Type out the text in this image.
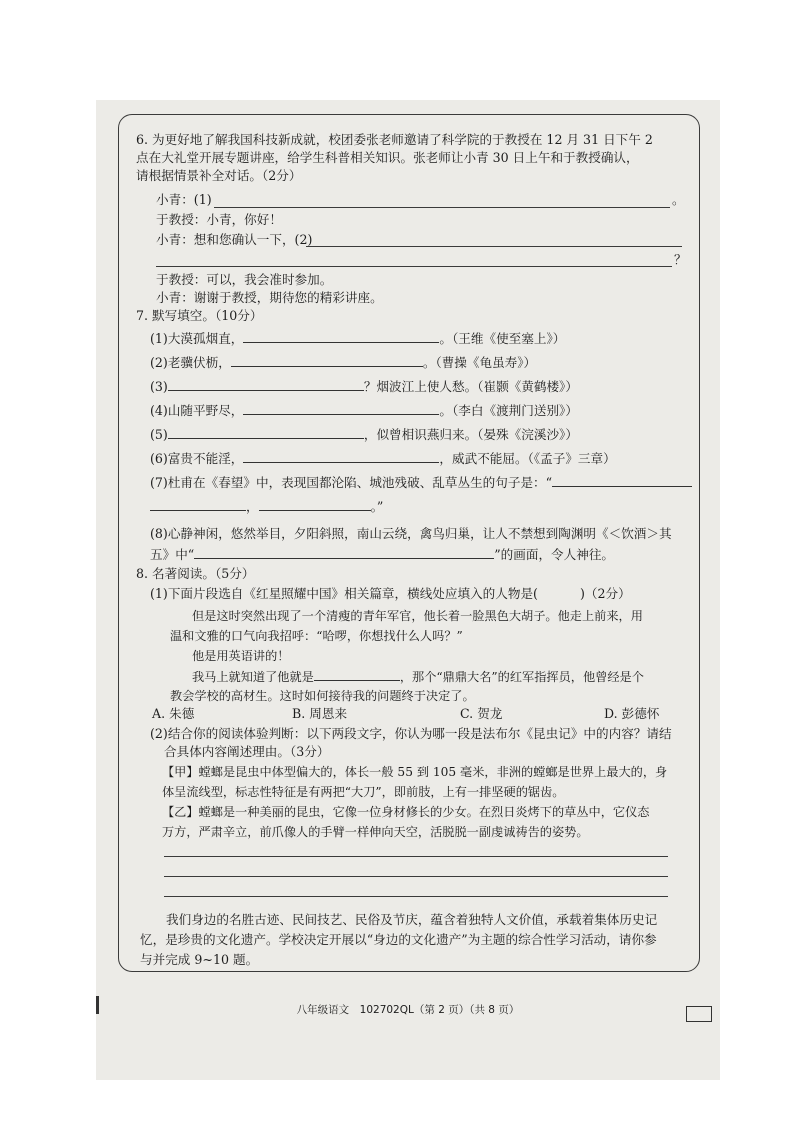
6. 为更好地了解我国科技新成就，校团委张老师邀请了科学院的于教授在 12 月 31 日下午 2
点在大礼堂开展专题讲座，给学生科普相关知识。张老师让小青 30 日上午和于教授确认，
请根据情景补全对话。（2分）
小青：(1)	。
于教授：小青，你好！
小青：想和您确认一下，(2)
？
于教授：可以，我会准时参加。
小青：谢谢于教授，期待您的精彩讲座。
7. 默写填空。（10分）
(1)大漠孤烟直，	。（王维《使至塞上》）
(2)老骥伏枥，	。（曹操《龟虽寿》）
(3)	？烟波江上使人愁。（崔颢《黄鹤楼》）
(4)山随平野尽，	。（李白《渡荆门送别》）
(5)	，似曾相识燕归来。（晏殊《浣溪沙》）
(6)富贵不能淫，	，威武不能屈。（《孟子》三章）
(7)杜甫在《春望》中，表现国都沦陷、城池残破、乱草丛生的句子是：“
，	。”
(8)心静神闲，悠然举目，夕阳斜照，南山云绕，禽鸟归巢，让人不禁想到陶渊明《＜饮酒＞其
五》中“	”的画面，令人神往。
8. 名著阅读。（5分）
(1)下面片段选自《红星照耀中国》相关篇章，横线处应填入的人物是(	)（2分）
但是这时突然出现了一个清瘦的青年军官，他长着一脸黑色大胡子。他走上前来，用
温和文雅的口气向我招呼：“哈啰，你想找什么人吗？”
他是用英语讲的！
我马上就知道了他就是	，那个“鼎鼎大名”的红军指挥员，他曾经是个
教会学校的高材生。这时如何接待我的问题终于决定了。
A. 朱德	B. 周恩来	C. 贺龙	D. 彭德怀
(2)结合你的阅读体验判断：以下两段文字，你认为哪一段是法布尔《昆虫记》中的内容？请结
合具体内容阐述理由。（3分）
【甲】螳螂是昆虫中体型偏大的，体长一般 55 到 105 毫米，非洲的螳螂是世界上最大的，身
体呈流线型，标志性特征是有两把“大刀”，即前肢，上有一排坚硬的锯齿。
【乙】螳螂是一种美丽的昆虫，它像一位身材修长的少女。在烈日炎烤下的草丛中，它仪态
万方，严肃辛立，前爪像人的手臂一样伸向天空，活脱脱一副虔诚祷告的姿势。
我们身边的名胜古迹、民间技艺、民俗及节庆，蕴含着独特人文价值，承载着集体历史记
忆，是珍贵的文化遗产。学校决定开展以“身边的文化遗产”为主题的综合性学习活动，请你参
与并完成 9~10 题。
八年级语文　102702QL（第 2 页）（共 8 页）
